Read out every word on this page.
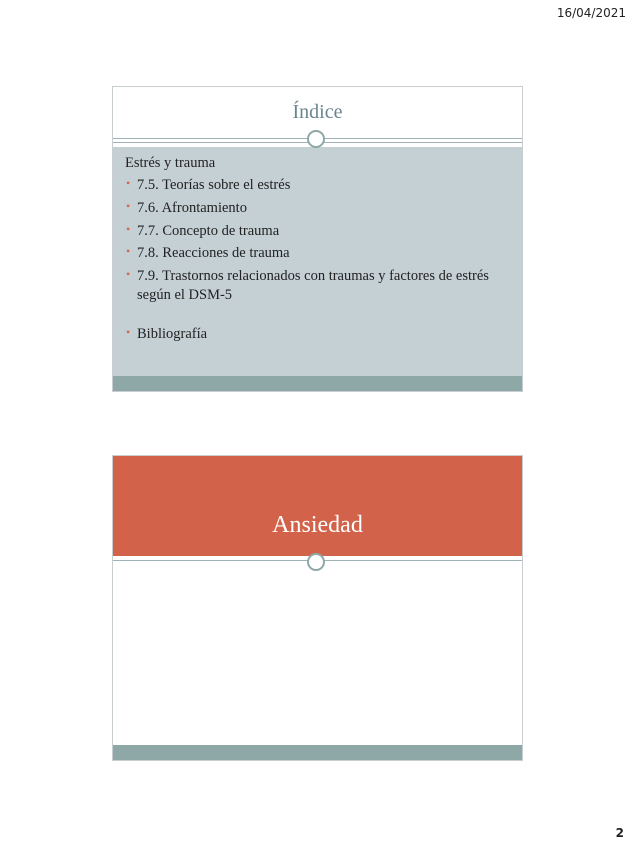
16/04/2021
Índice
Estrés y trauma
• 7.5. Teorías sobre el estrés
• 7.6. Afrontamiento
• 7.7. Concepto de trauma
• 7.8. Reacciones de trauma
• 7.9. Trastornos relacionados con traumas y factores de estrés según el DSM-5
• Bibliografía
Ansiedad
2
